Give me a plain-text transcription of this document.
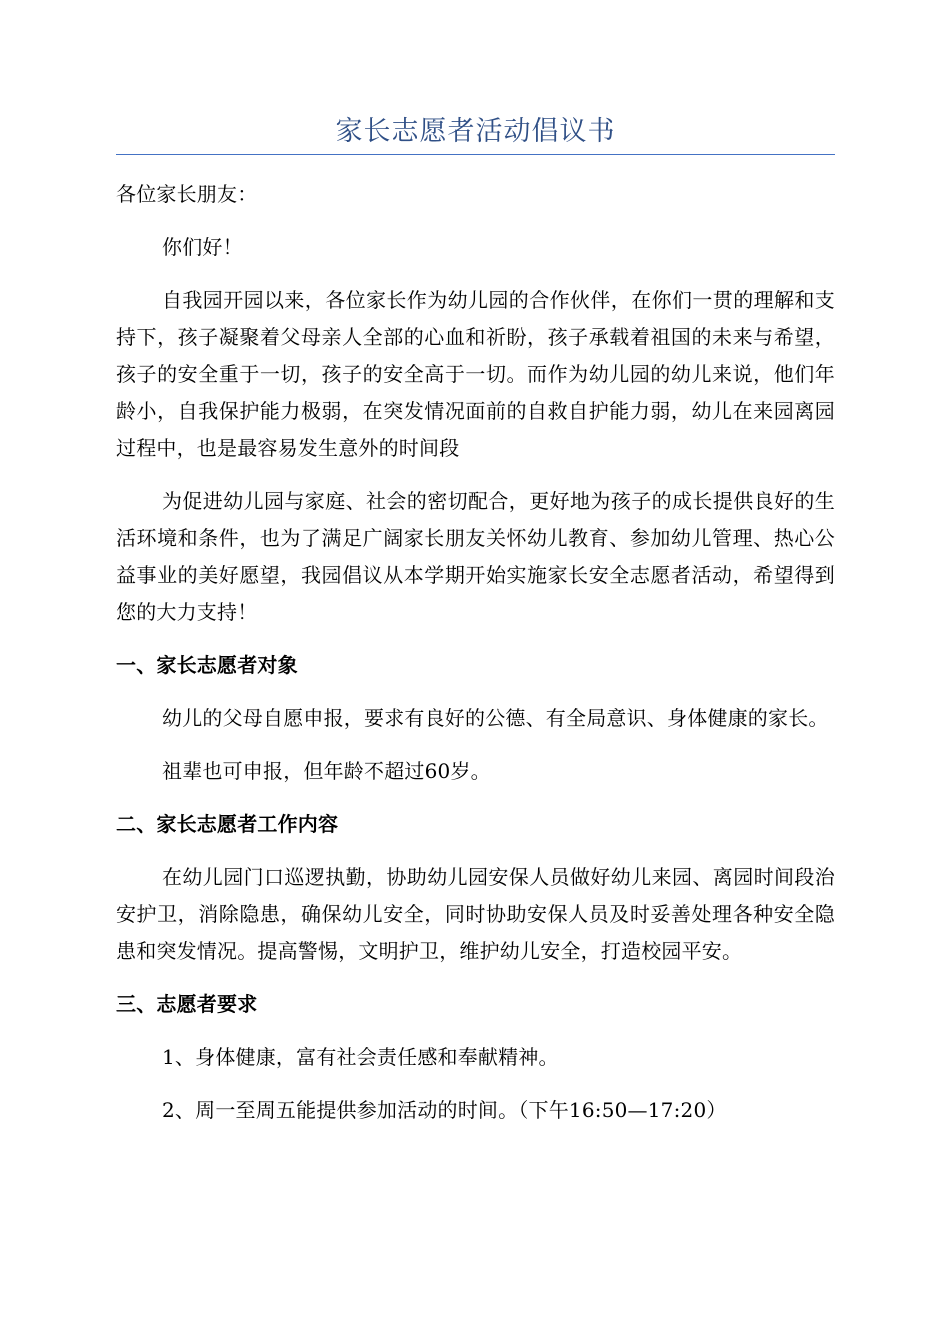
家长志愿者活动倡议书

各位家长朋友：

你们好！

自我园开园以来，各位家长作为幼儿园的合作伙伴，在你们一贯的理解和支持下，孩子凝聚着父母亲人全部的心血和祈盼，孩子承载着祖国的未来与希望，孩子的安全重于一切，孩子的安全高于一切。而作为幼儿园的幼儿来说，他们年龄小，自我保护能力极弱，在突发情况面前的自救自护能力弱，幼儿在来园离园过程中，也是最容易发生意外的时间段

为促进幼儿园与家庭、社会的密切配合，更好地为孩子的成长提供良好的生活环境和条件，也为了满足广阔家长朋友关怀幼儿教育、参加幼儿管理、热心公益事业的美好愿望，我园倡议从本学期开始实施家长安全志愿者活动，希望得到您的大力支持！

一、家长志愿者对象

幼儿的父母自愿申报，要求有良好的公德、有全局意识、身体健康的家长。

祖辈也可申报，但年龄不超过60岁。

二、家长志愿者工作内容

在幼儿园门口巡逻执勤，协助幼儿园安保人员做好幼儿来园、离园时间段治安护卫，消除隐患，确保幼儿安全，同时协助安保人员及时妥善处理各种安全隐患和突发情况。提高警惕，文明护卫，维护幼儿安全，打造校园平安。

三、志愿者要求

1、身体健康，富有社会责任感和奉献精神。

2、周一至周五能提供参加活动的时间。（下午16:50—17:20）
